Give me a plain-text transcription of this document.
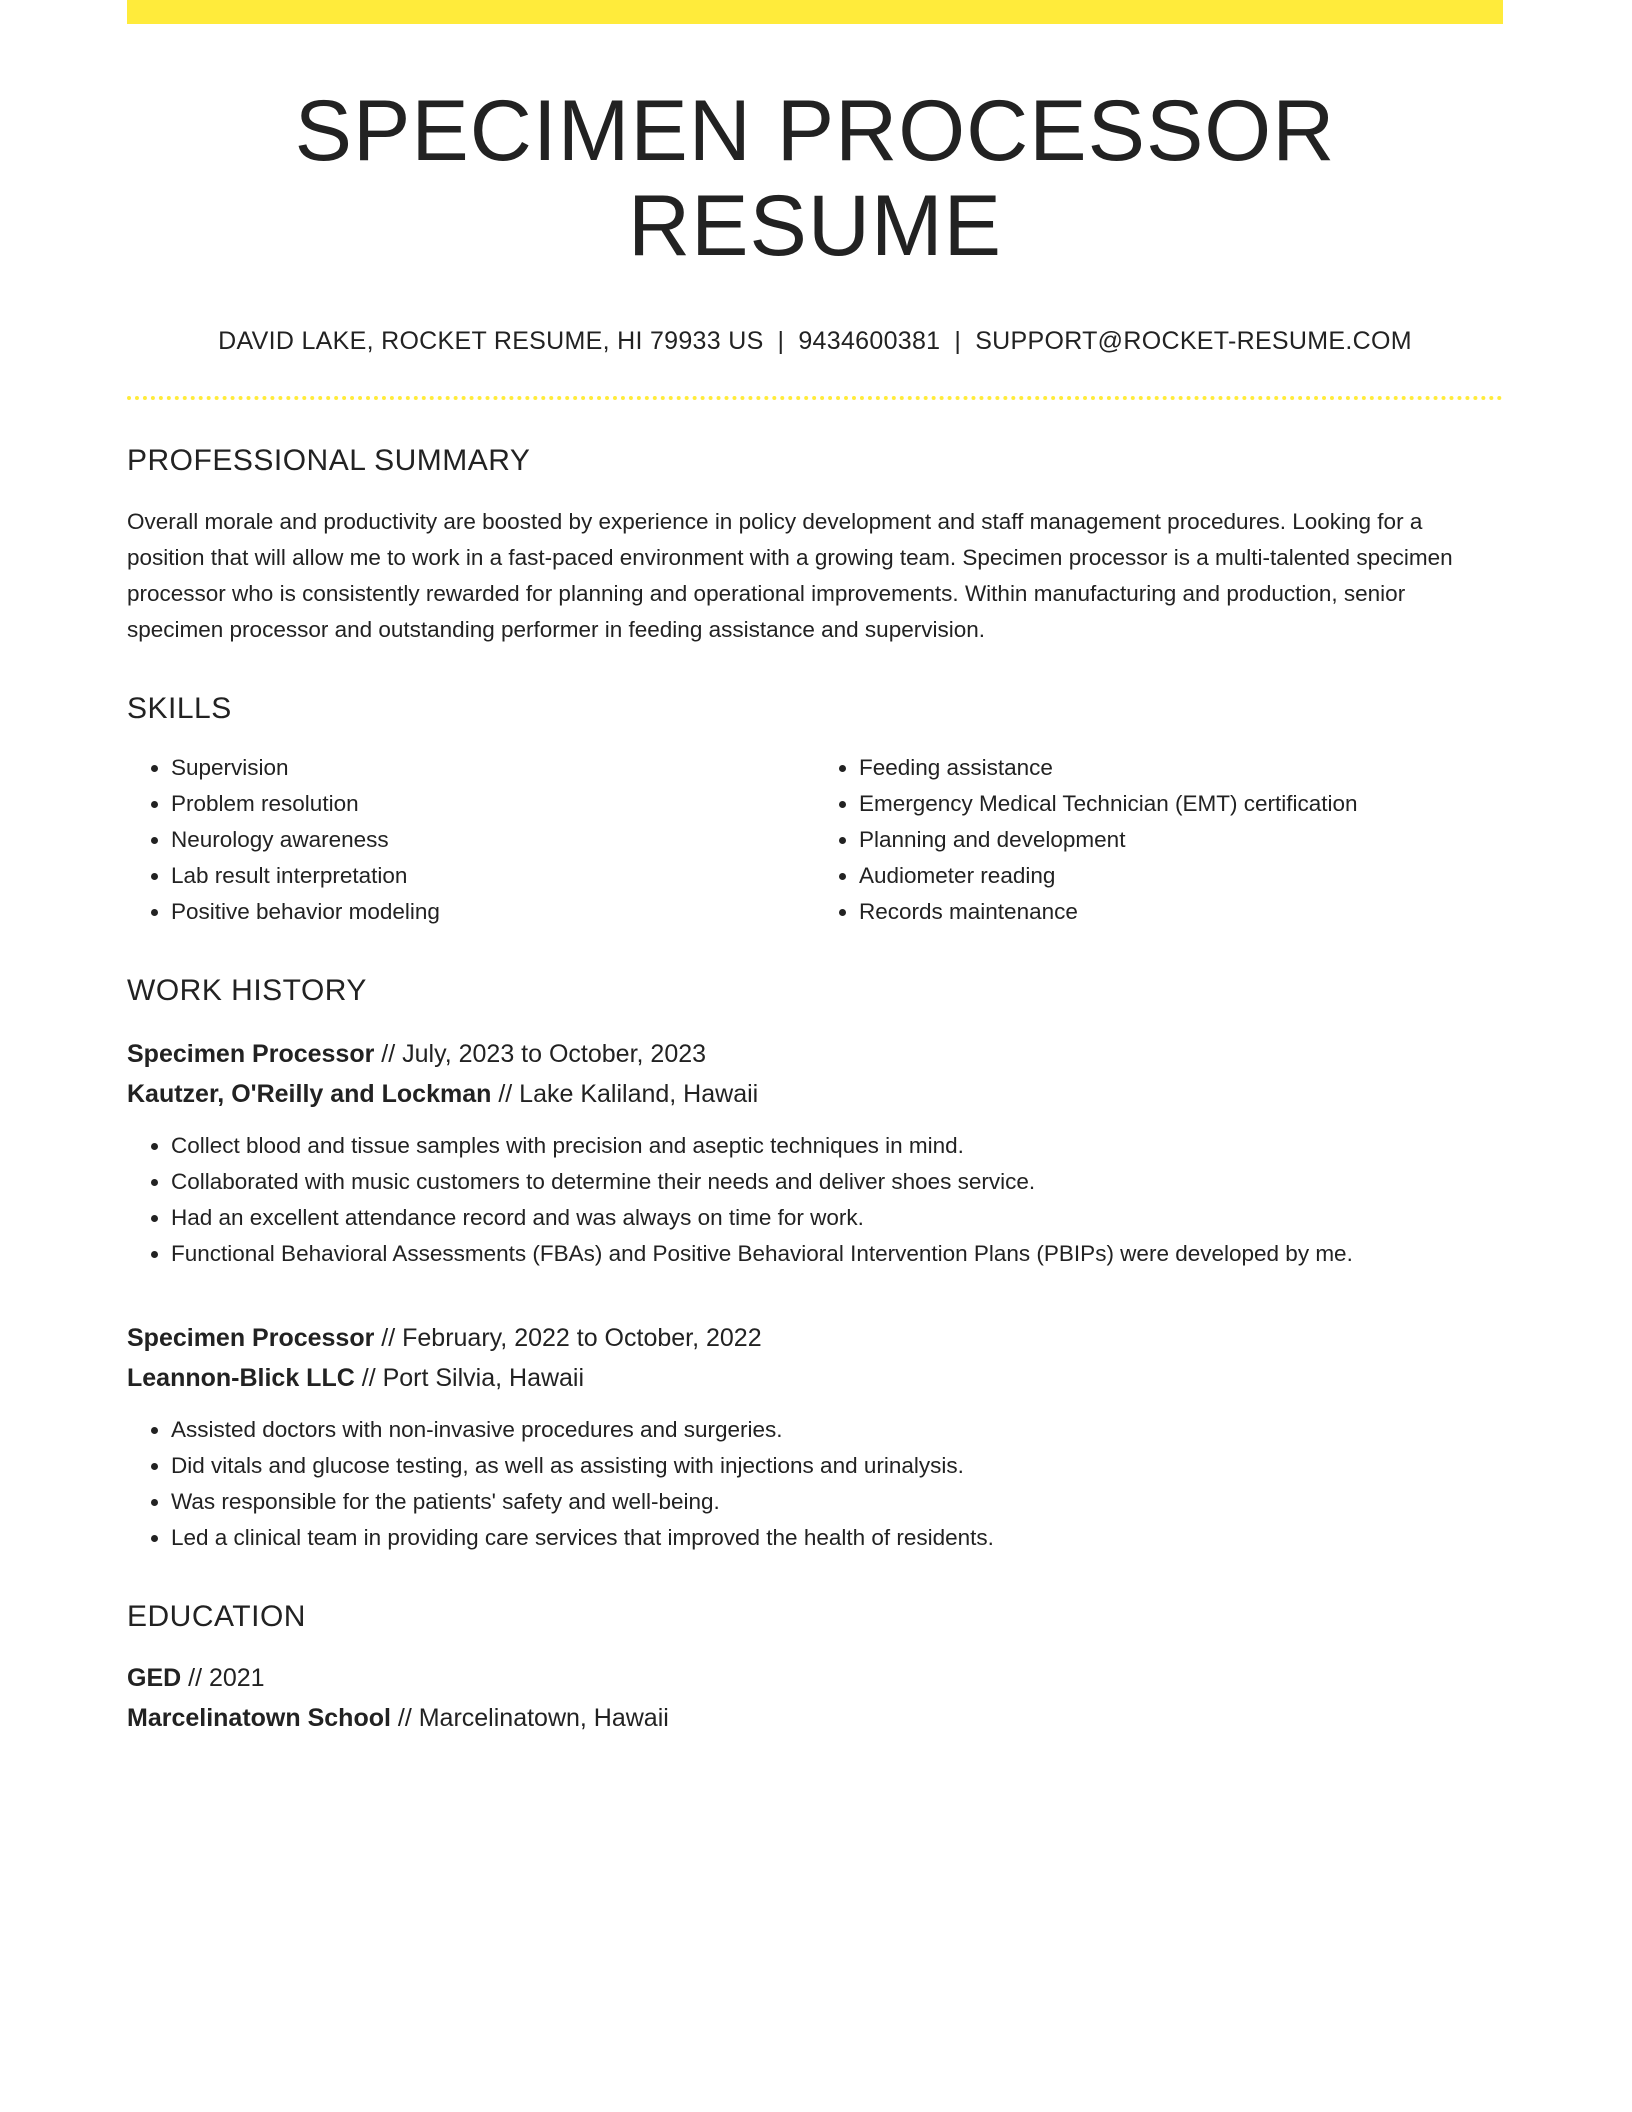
SPECIMEN PROCESSOR RESUME
DAVID LAKE, ROCKET RESUME, HI 79933 US | 9434600381 | SUPPORT@ROCKET-RESUME.COM
PROFESSIONAL SUMMARY

Overall morale and productivity are boosted by experience in policy development and staff management procedures. Looking for a position that will allow me to work in a fast-paced environment with a growing team. Specimen processor is a multi-talented specimen processor who is consistently rewarded for planning and operational improvements. Within manufacturing and production, senior specimen processor and outstanding performer in feeding assistance and supervision.

SKILLS
• Supervision
• Problem resolution
• Neurology awareness
• Lab result interpretation
• Positive behavior modeling
• Feeding assistance
• Emergency Medical Technician (EMT) certification
• Planning and development
• Audiometer reading
• Records maintenance
WORK HISTORY
Specimen Processor // July, 2023 to October, 2023
Kautzer, O'Reilly and Lockman // Lake Kaliland, Hawaii
• Collect blood and tissue samples with precision and aseptic techniques in mind.
• Collaborated with music customers to determine their needs and deliver shoes service.
• Had an excellent attendance record and was always on time for work.
• Functional Behavioral Assessments (FBAs) and Positive Behavioral Intervention Plans (PBIPs) were developed by me.
Specimen Processor // February, 2022 to October, 2022
Leannon-Blick LLC // Port Silvia, Hawaii
• Assisted doctors with non-invasive procedures and surgeries.
• Did vitals and glucose testing, as well as assisting with injections and urinalysis.
• Was responsible for the patients' safety and well-being.
• Led a clinical team in providing care services that improved the health of residents.
EDUCATION
GED // 2021
Marcelinatown School // Marcelinatown, Hawaii
